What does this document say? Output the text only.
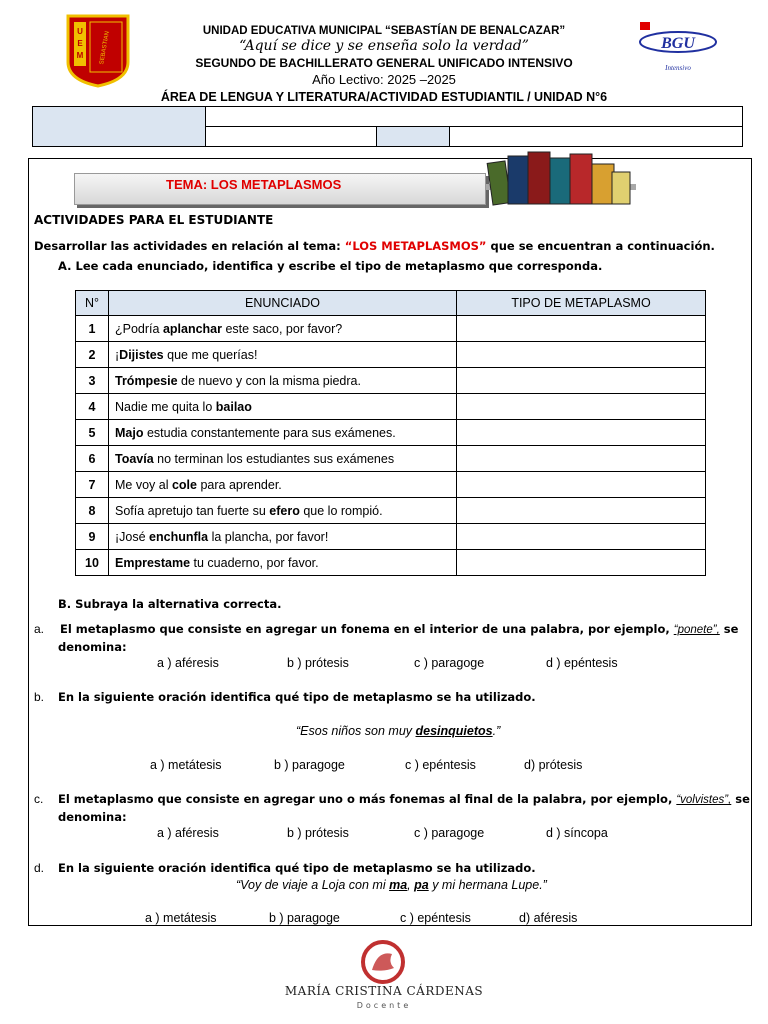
U
E
M	SEBASTIAN	BGU
Intensivo
UNIDAD EDUCATIVA MUNICIPAL “SEBASTÍAN DE BENALCAZAR”
“Aquí se dice y se enseña solo la verdad”
SEGUNDO DE BACHILLERATO GENERAL UNIFICADO INTENSIVO
Año Lectivo: 2025 –2025
ÁREA DE LENGUA Y LITERATURA/ACTIVIDAD ESTUDIANTIL / UNIDAD N°6

TEMA: LOS METAPLASMOS
ACTIVIDADES PARA EL ESTUDIANTE
Desarrollar las actividades en relación al tema: “LOS METAPLASMOS” que se encuentran a continuación.
A. Lee cada enunciado, identifica y escribe el tipo de metaplasmo que corresponda.
N°	ENUNCIADO	TIPO DE METAPLASMO
1	¿Podría aplanchar este saco, por favor?	
2	¡Dijistes que me querías!	
3	Trómpesie de nuevo y con la misma piedra.	
4	Nadie me quita lo bailao	
5	Majo estudia constantemente para sus exámenes.	
6	Toavía no terminan los estudiantes sus exámenes	
7	Me voy al cole para aprender.	
8	Sofía apretujo tan fuerte su efero que lo rompió.	
9	¡José enchunfla la plancha, por favor!	
10	Emprestame tu cuaderno, por favor.	
B. Subraya la alternativa correcta.
a. El metaplasmo que consiste en agregar un fonema en el interior de una palabra, por ejemplo, “ponete”, se
denomina:
a ) aféresis	b ) prótesis	c ) paragoge	d ) epéntesis
b. En la siguiente oración identifica qué tipo de metaplasmo se ha utilizado.
“Esos niños son muy desinquietos.”
a ) metátesis	b ) paragoge	c ) epéntesis	d) prótesis
c. El metaplasmo que consiste en agregar uno o más fonemas al final de la palabra, por ejemplo, “volvistes”, se
denomina:
a ) aféresis	b ) prótesis	c ) paragoge	d ) síncopa
d. En la siguiente oración identifica qué tipo de metaplasmo se ha utilizado.
“Voy de viaje a Loja con mi ma, pa y mi hermana Lupe.”
a ) metátesis	b ) paragoge	c ) epéntesis	d) aféresis
MARÍA CRISTINA CÁRDENAS
Docente
